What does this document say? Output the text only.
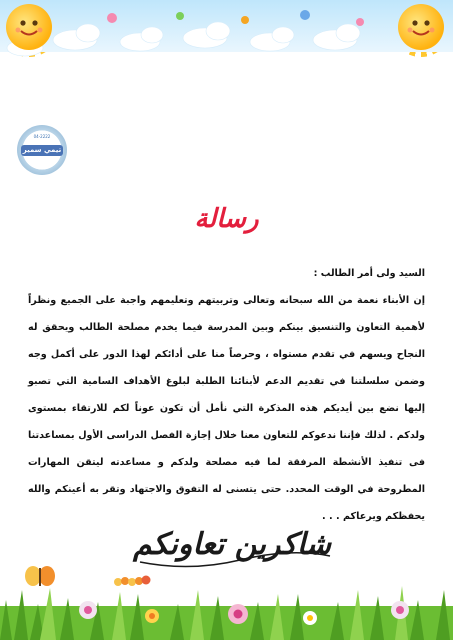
04-2222
تيمي سمير
رسالة
السيد ولى أمر الطالب :
إن الأبناء نعمة من الله سبحانه وتعالى وتربيتهم وتعليمهم واجبة على الجميع ونظراً لأهمية التعاون والتنسيق بينكم وبين المدرسة فيما يخدم مصلحة الطالب ويحقق له النجاح ويسهم في تقدم مستواه ، وحرصاً منا على أدائكم لهذا الدور على أكمل وجه وضمن سلسلتنا في تقديم الدعم لأبنائنا الطلبة لبلوغ الأهداف السامية التي تصبو إليها نضع بين أيديكم هذه المذكرة التي نأمل أن تكون عوناً لكم للارتقاء بمستوى ولدكم . لذلك فإننا ندعوكم للتعاون معنا خلال إجازة الفصل الدراسى الأول بمساعدتنا فى تنفيذ الأنشطة المرفقة لما فيه مصلحة ولدكم و مساعدته ليتقن المهارات المطروحة في الوقت المحدد. حتى يتسنى له التفوق والاجتهاد وتقر به أعينكم والله يحفظكم ويرعاكم . . .
شاكرين تعاونكم
